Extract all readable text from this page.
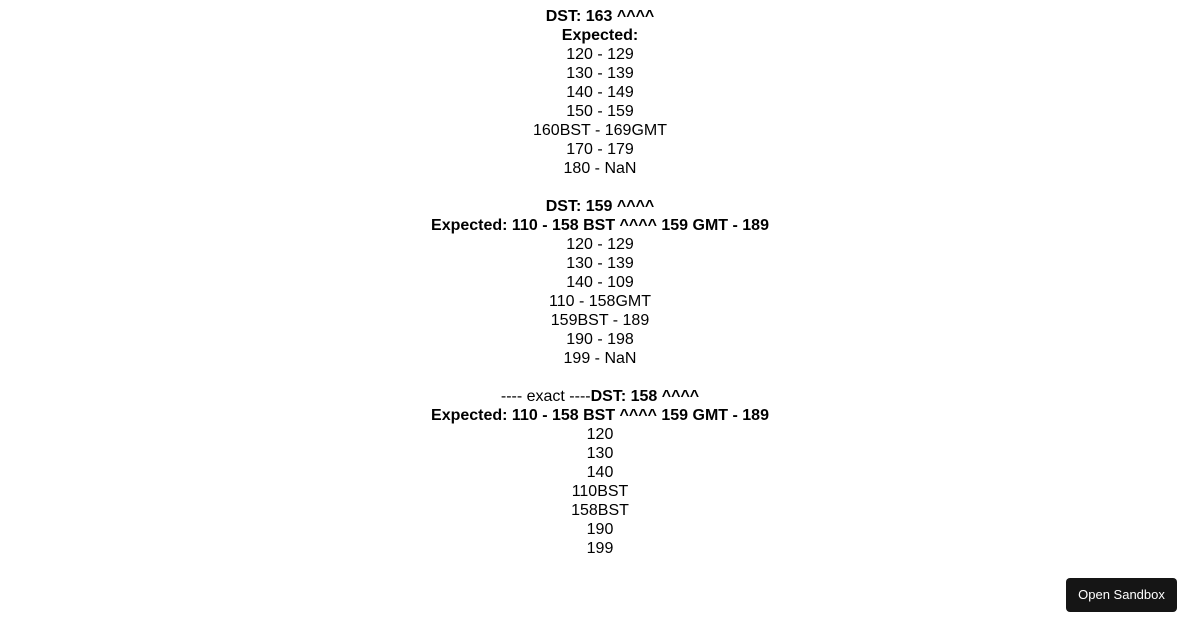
DST: 163 ^^^^
Expected:
120 - 129
130 - 139
140 - 149
150 - 159
160BST - 169GMT
170 - 179
180 - NaN
DST: 159 ^^^^
Expected: 110 - 158 BST ^^^^ 159 GMT - 189
120 - 129
130 - 139
140 - 109
110 - 158GMT
159BST - 189
190 - 198
199 - NaN
---- exact ----DST: 158 ^^^^
Expected: 110 - 158 BST ^^^^ 159 GMT - 189
120
130
140
110BST
158BST
190
199
Open Sandbox
